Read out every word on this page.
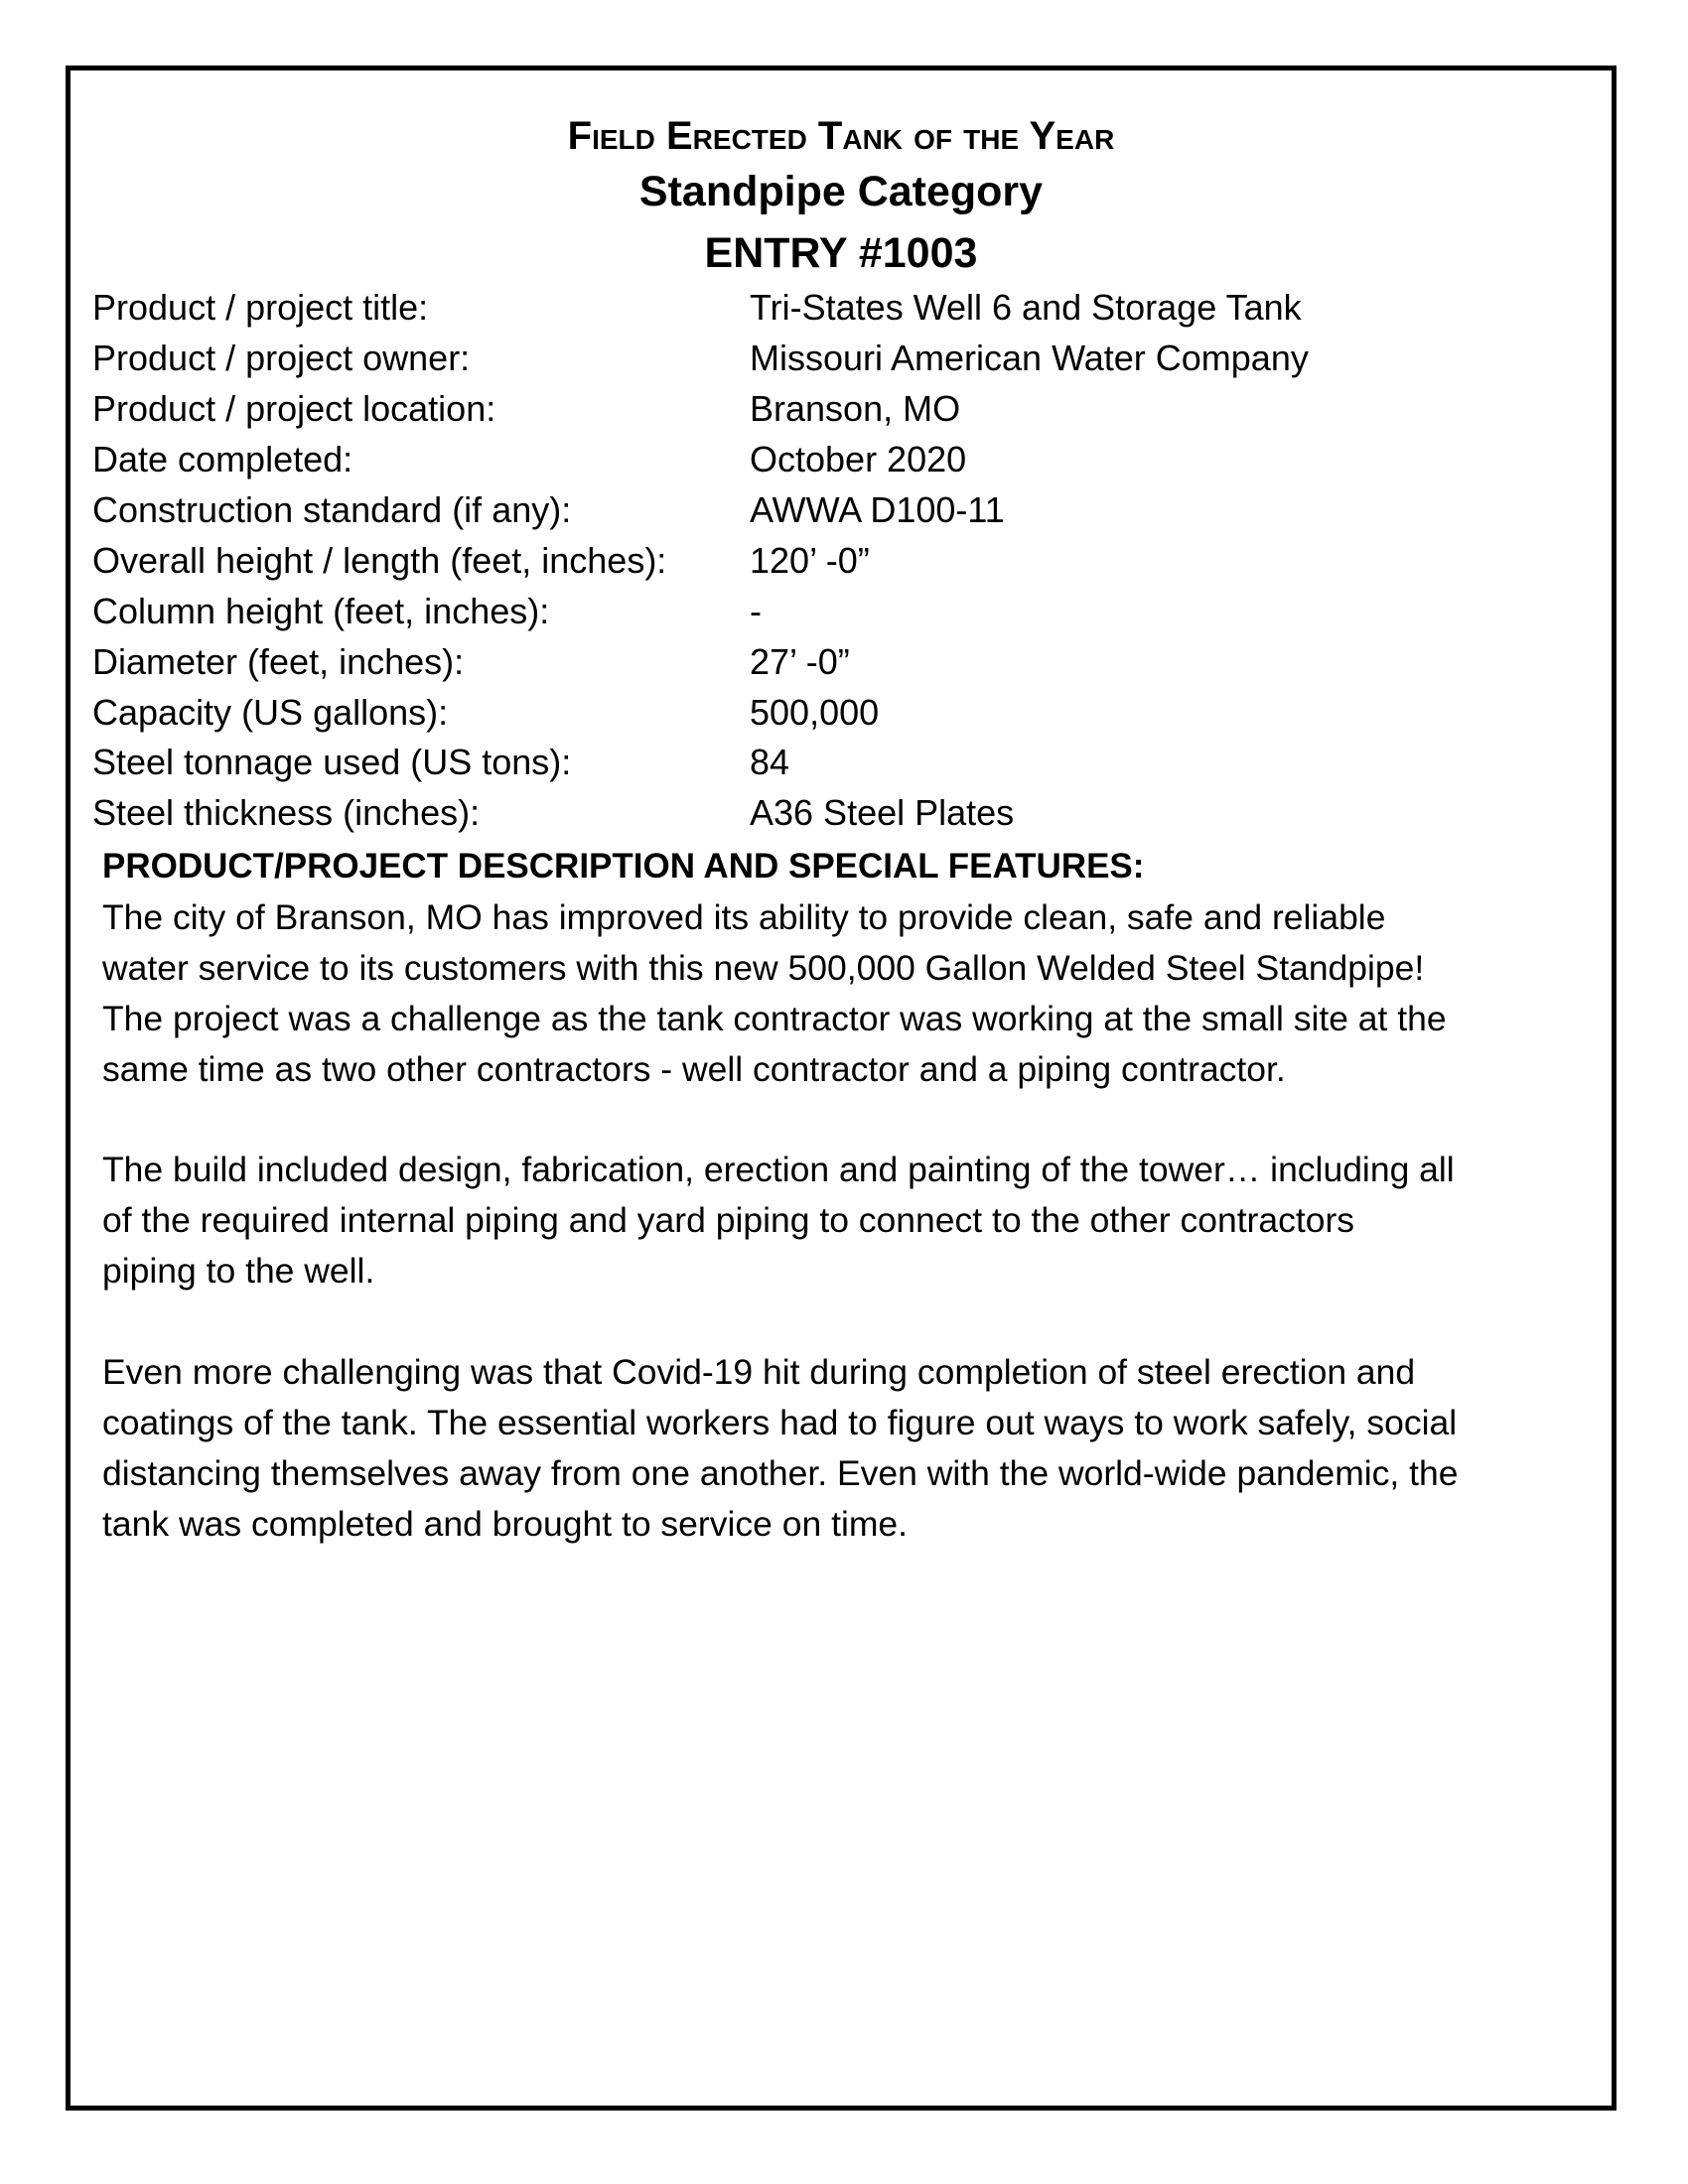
Field Erected Tank of the Year
Standpipe Category
ENTRY #1003
Product / project title:	Tri-States Well 6 and Storage Tank
Product / project owner:	Missouri American Water Company
Product / project location:	Branson, MO
Date completed:	October 2020
Construction standard (if any):	AWWA D100-11
Overall height / length (feet, inches):	120’ -0”
Column height (feet, inches):	-
Diameter (feet, inches):	27’ -0”
Capacity (US gallons):	500,000
Steel tonnage used (US tons):	84
Steel thickness (inches):	A36 Steel Plates
PRODUCT/PROJECT DESCRIPTION AND SPECIAL FEATURES:
The city of Branson, MO has improved its ability to provide clean, safe and reliable
water service to its customers with this new 500,000 Gallon Welded Steel Standpipe!
The project was a challenge as the tank contractor was working at the small site at the
same time as two other contractors - well contractor and a piping contractor.
The build included design, fabrication, erection and painting of the tower… including all
of the required internal piping and yard piping to connect to the other contractors
piping to the well.
Even more challenging was that Covid-19 hit during completion of steel erection and
coatings of the tank. The essential workers had to figure out ways to work safely, social
distancing themselves away from one another. Even with the world-wide pandemic, the
tank was completed and brought to service on time.
